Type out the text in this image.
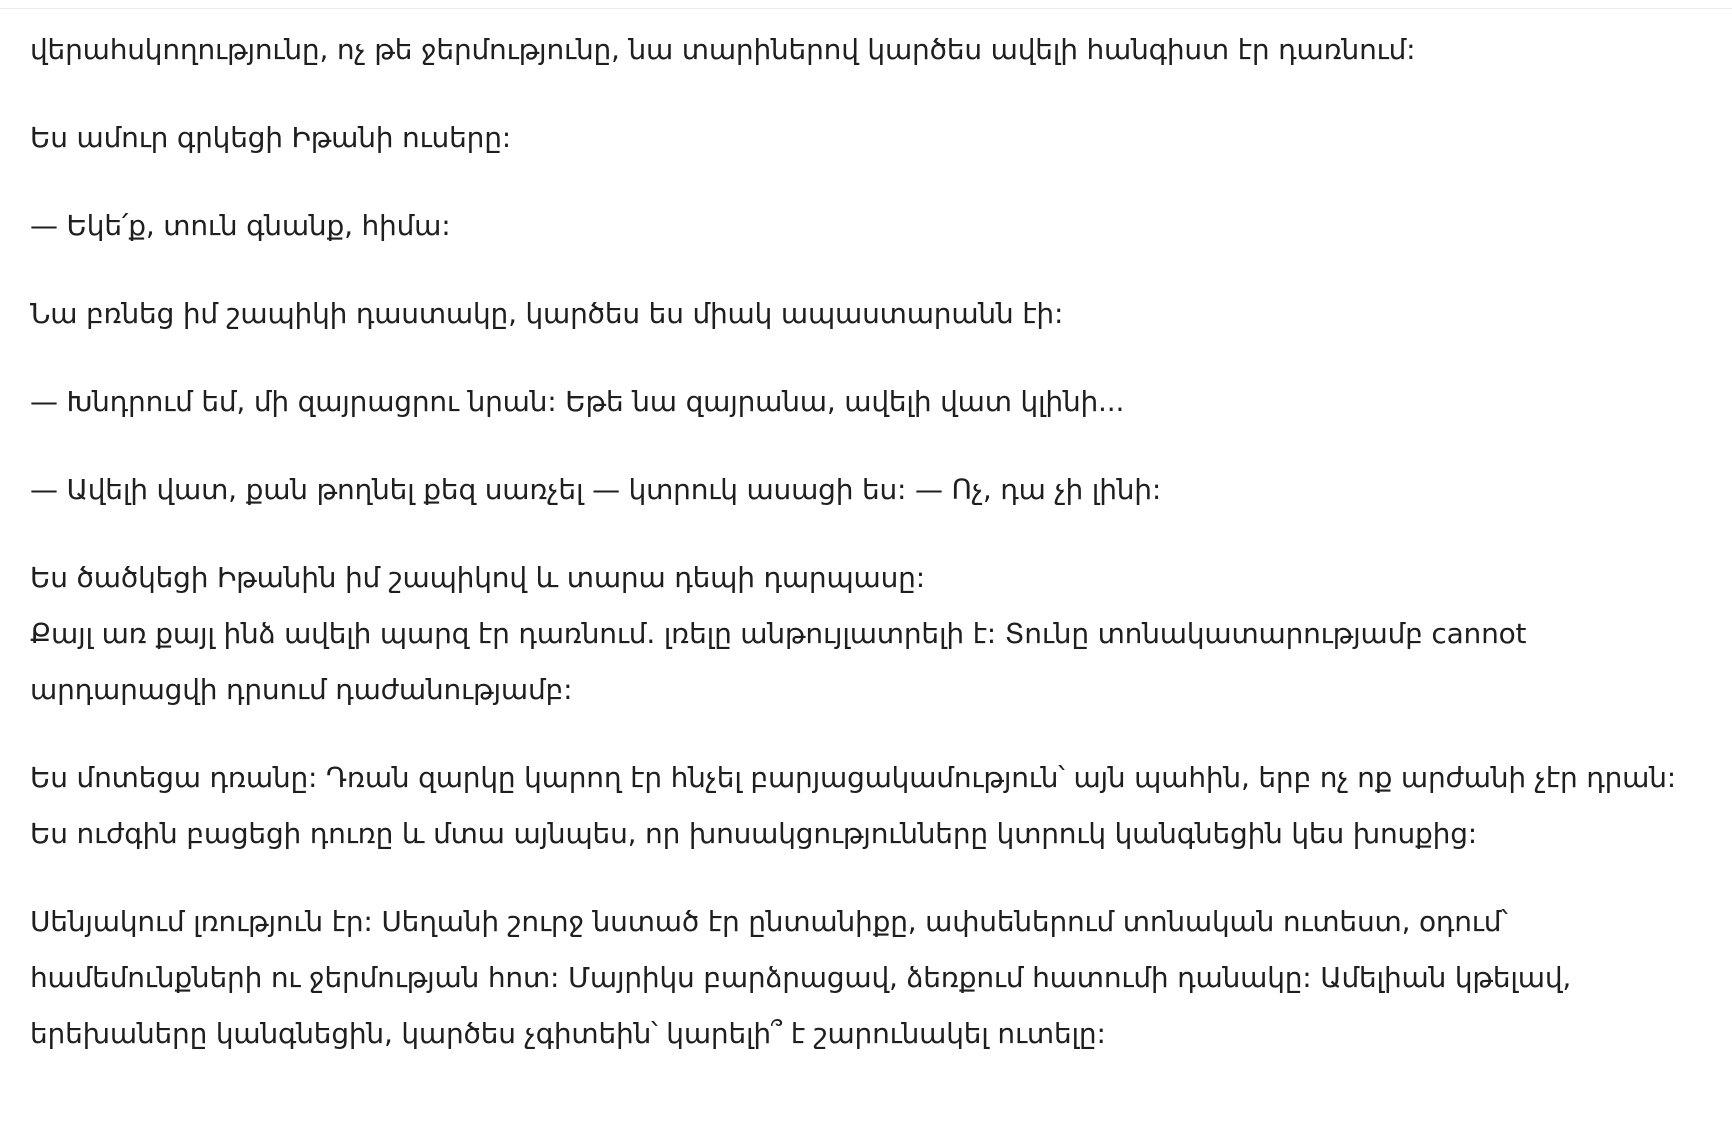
վերահսկողությունը, ոչ թե ջերմությունը, նա տարիներով կարծես ավելի հանգիստ էր դառնում:

Ես ամուր գրկեցի Իթանի ուսերը:

— Եկե՛ք, տուն գնանք, հիմա:

Նա բռնեց իմ շապիկի դաստակը, կարծես ես միակ ապաստարանն էի:

— Խնդրում եմ, մի զայրացրու նրան: Եթե նա զայրանա, ավելի վատ կլինի...

— Ավելի վատ, քան թողնել քեզ սառչել — կտրուկ ասացի ես: — Ոչ, դա չի լինի:

Ես ծածկեցի Իթանին իմ շապիկով և տարա դեպի դարպասը:

Քայլ առ քայլ ինձ ավելի պարզ էր դառնում. լռելը անթույլատրելի է: Տունը տոնակատարությամբ cannot արդարացվի դրսում դաժանությամբ:

Ես մոտեցա դռանը: Դռան զարկը կարող էր հնչել բարյացակամություն՝ այն պահին, երբ ոչ ոք արժանի չէր դրան: Ես ուժգին բացեցի դուռը և մտա այնպես, որ խոսակցությունները կտրուկ կանգնեցին կես խոսքից:

Սենյակում լռություն էր: Սեղանի շուրջ նստած էր ընտանիքը, ափսեներում տոնական ուտեստ, օդում՝ համեմունքների ու ջերմության հոտ: Մայրիկս բարձրացավ, ձեռքում հատումի դանակը: Ամելիան կթելավ, երեխաները կանգնեցին, կարծես չգիտեին՝ կարելի՞ է շարունակել ուտելը:
